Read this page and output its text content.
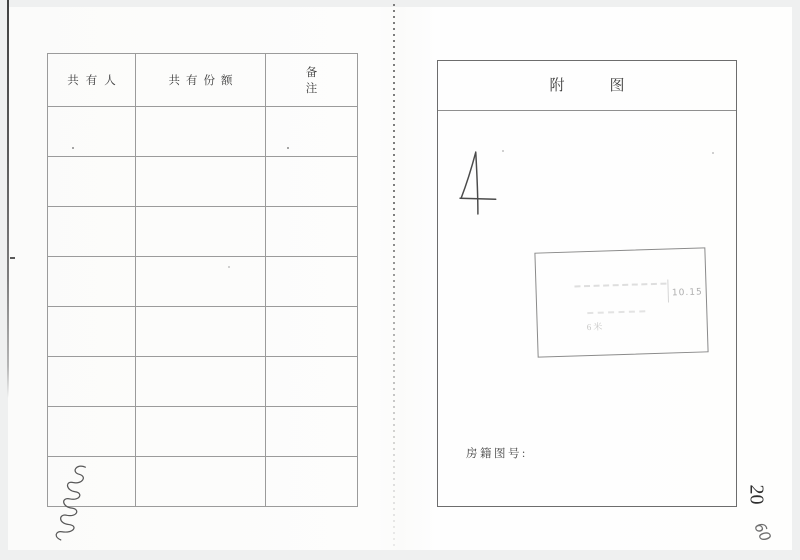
共有人	共有份额	备注

			附图
10.15
6米
房籍图号:
20
60
